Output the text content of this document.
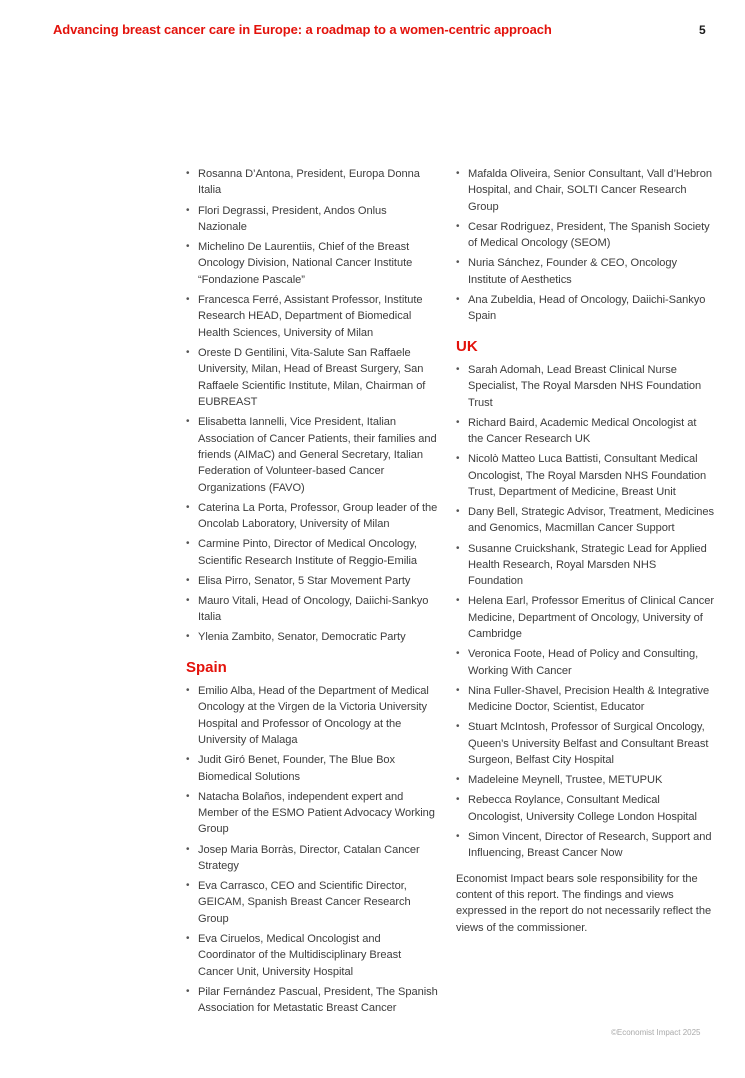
Advancing breast cancer care in Europe: a roadmap to a women-centric approach	5
• Rosanna D’Antona, President, Europa Donna Italia
• Flori Degrassi, President, Andos Onlus Nazionale
• Michelino De Laurentiis, Chief of the Breast Oncology Division, National Cancer Institute “Fondazione Pascale”
• Francesca Ferré, Assistant Professor, Institute Research HEAD, Department of Biomedical Health Sciences, University of Milan
• Oreste D Gentilini, Vita-Salute San Raffaele University, Milan, Head of Breast Surgery, San Raffaele Scientific Institute, Milan, Chairman of EUBREAST
• Elisabetta Iannelli, Vice President, Italian Association of Cancer Patients, their families and friends (AIMaC) and General Secretary, Italian Federation of Volunteer-based Cancer Organizations (FAVO)
• Caterina La Porta, Professor, Group leader of the Oncolab Laboratory, University of Milan
• Carmine Pinto, Director of Medical Oncology, Scientific Research Institute of Reggio-Emilia
• Elisa Pirro, Senator, 5 Star Movement Party
• Mauro Vitali, Head of Oncology, Daiichi-Sankyo Italia
• Ylenia Zambito, Senator, Democratic Party
Spain
• Emilio Alba, Head of the Department of Medical Oncology at the Virgen de la Victoria University Hospital and Professor of Oncology at the University of Malaga
• Judit Giró Benet, Founder, The Blue Box Biomedical Solutions
• Natacha Bolaños, independent expert and Member of the ESMO Patient Advocacy Working Group
• Josep Maria Borràs, Director, Catalan Cancer Strategy
• Eva Carrasco, CEO and Scientific Director, GEICAM, Spanish Breast Cancer Research Group
• Eva Ciruelos, Medical Oncologist and Coordinator of the Multidisciplinary Breast Cancer Unit, University Hospital
• Pilar Fernández Pascual, President, The Spanish Association for Metastatic Breast Cancer
• Mafalda Oliveira, Senior Consultant, Vall d’Hebron Hospital, and Chair, SOLTI Cancer Research Group
• Cesar Rodriguez, President, The Spanish Society of Medical Oncology (SEOM)
• Nuria Sánchez, Founder & CEO, Oncology Institute of Aesthetics
• Ana Zubeldia, Head of Oncology, Daiichi-Sankyo Spain
UK
• Sarah Adomah, Lead Breast Clinical Nurse Specialist, The Royal Marsden NHS Foundation Trust
• Richard Baird, Academic Medical Oncologist at the Cancer Research UK
• Nicolò Matteo Luca Battisti, Consultant Medical Oncologist, The Royal Marsden NHS Foundation Trust, Department of Medicine, Breast Unit
• Dany Bell, Strategic Advisor, Treatment, Medicines and Genomics, Macmillan Cancer Support
• Susanne Cruickshank, Strategic Lead for Applied Health Research, Royal Marsden NHS Foundation
• Helena Earl, Professor Emeritus of Clinical Cancer Medicine, Department of Oncology, University of Cambridge
• Veronica Foote, Head of Policy and Consulting, Working With Cancer
• Nina Fuller-Shavel, Precision Health & Integrative Medicine Doctor, Scientist, Educator
• Stuart McIntosh, Professor of Surgical Oncology, Queen’s University Belfast and Consultant Breast Surgeon, Belfast City Hospital
• Madeleine Meynell, Trustee, METUPUK
• Rebecca Roylance, Consultant Medical Oncologist, University College London Hospital
• Simon Vincent, Director of Research, Support and Influencing, Breast Cancer Now
Economist Impact bears sole responsibility for the content of this report. The findings and views expressed in the report do not necessarily reflect the views of the commissioner.
©Economist Impact 2025
